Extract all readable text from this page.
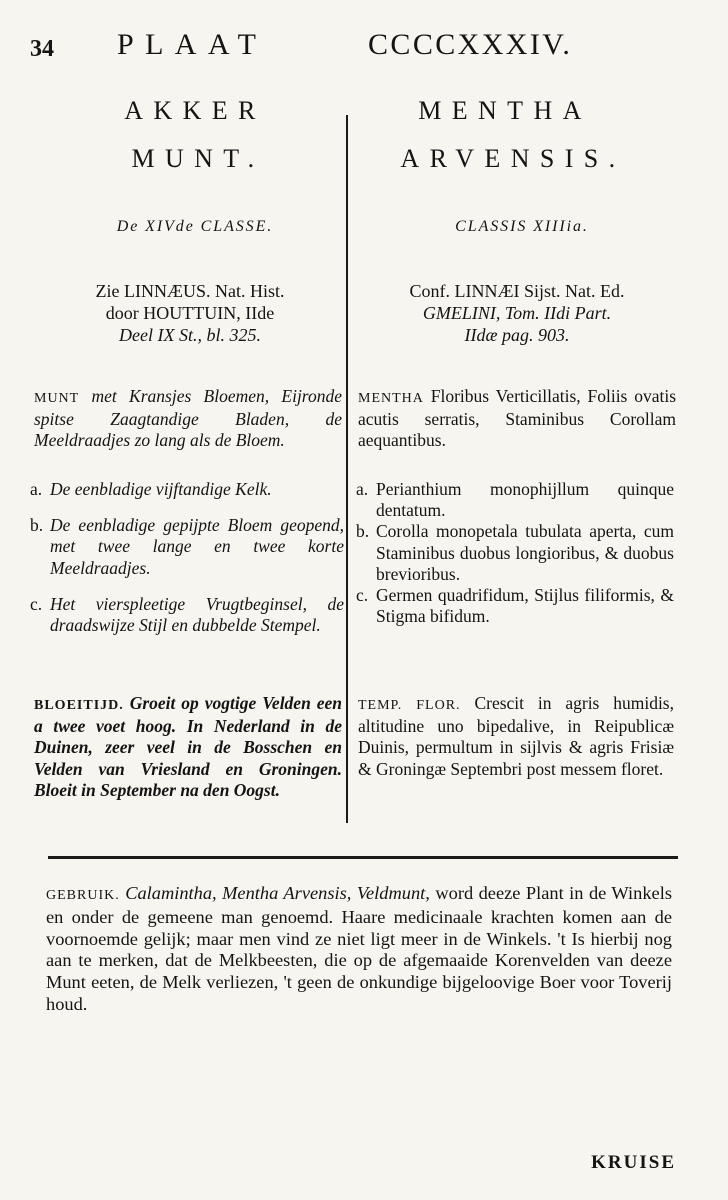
34 PLAAT	CCCCXXXIV.
AKKER
MUNT.
De XIVde CLASSE.

Zie LINNÆUS. Nat. Hist.

door HOUTTUIN, IIde

Deel IX St., bl. 325.

MUNT met Kransjes Bloemen, Eijronde spitse Zaagtandige Bladen, de Meeldraadjes zo lang als de Bloem.
a. De eenbladige vijftandige Kelk.
b. De eenbladige gepijpte Bloem geopend, met twee lange en twee korte Meeldraadjes.
c. Het vierspleetige Vrugtbeginsel, de draadswijze Stijl en dubbelde Stempel.
BLOEITIJD. Groeit op vogtige Velden een a twee voet hoog. In Nederland in de Duinen, zeer veel in de Bosschen en Velden van Vriesland en Groningen. Bloeit in September na den Oogst.
MENTHA
ARVENSIS.
CLASSIS XIIIia.

Conf. LINNÆI Sijst. Nat. Ed.

GMELINI, Tom. IIdi Part.

IIdæ pag. 903.

MENTHA Floribus Verticillatis, Foliis ovatis acutis serratis, Staminibus Corollam aequantibus.
a. Perianthium monophijllum quinque dentatum.
b. Corolla monopetala tubulata aperta, cum Staminibus duobus longioribus, & duobus brevioribus.
c. Germen quadrifidum, Stijlus filiformis, & Stigma bifidum.
TEMP. FLOR. Crescit in agris humidis, altitudine uno bipedalive, in Reipublicæ Duinis, permultum in sijlvis & agris Frisiæ & Groningæ Septembri post messem floret.
GEBRUIK. Calamintha, Mentha Arvensis, Veldmunt, word deeze Plant in de Winkels en onder de gemeene man genoemd. Haare medicinaale krachten komen aan de voornoemde gelijk; maar men vind ze niet ligt meer in de Winkels. 't Is hierbij nog aan te merken, dat de Melkbeesten, die op de afgemaaide Korenvelden van deeze Munt eeten, de Melk verliezen, 't geen de onkundige bijgeloovige Boer voor Toverij houd.
KRUISE
